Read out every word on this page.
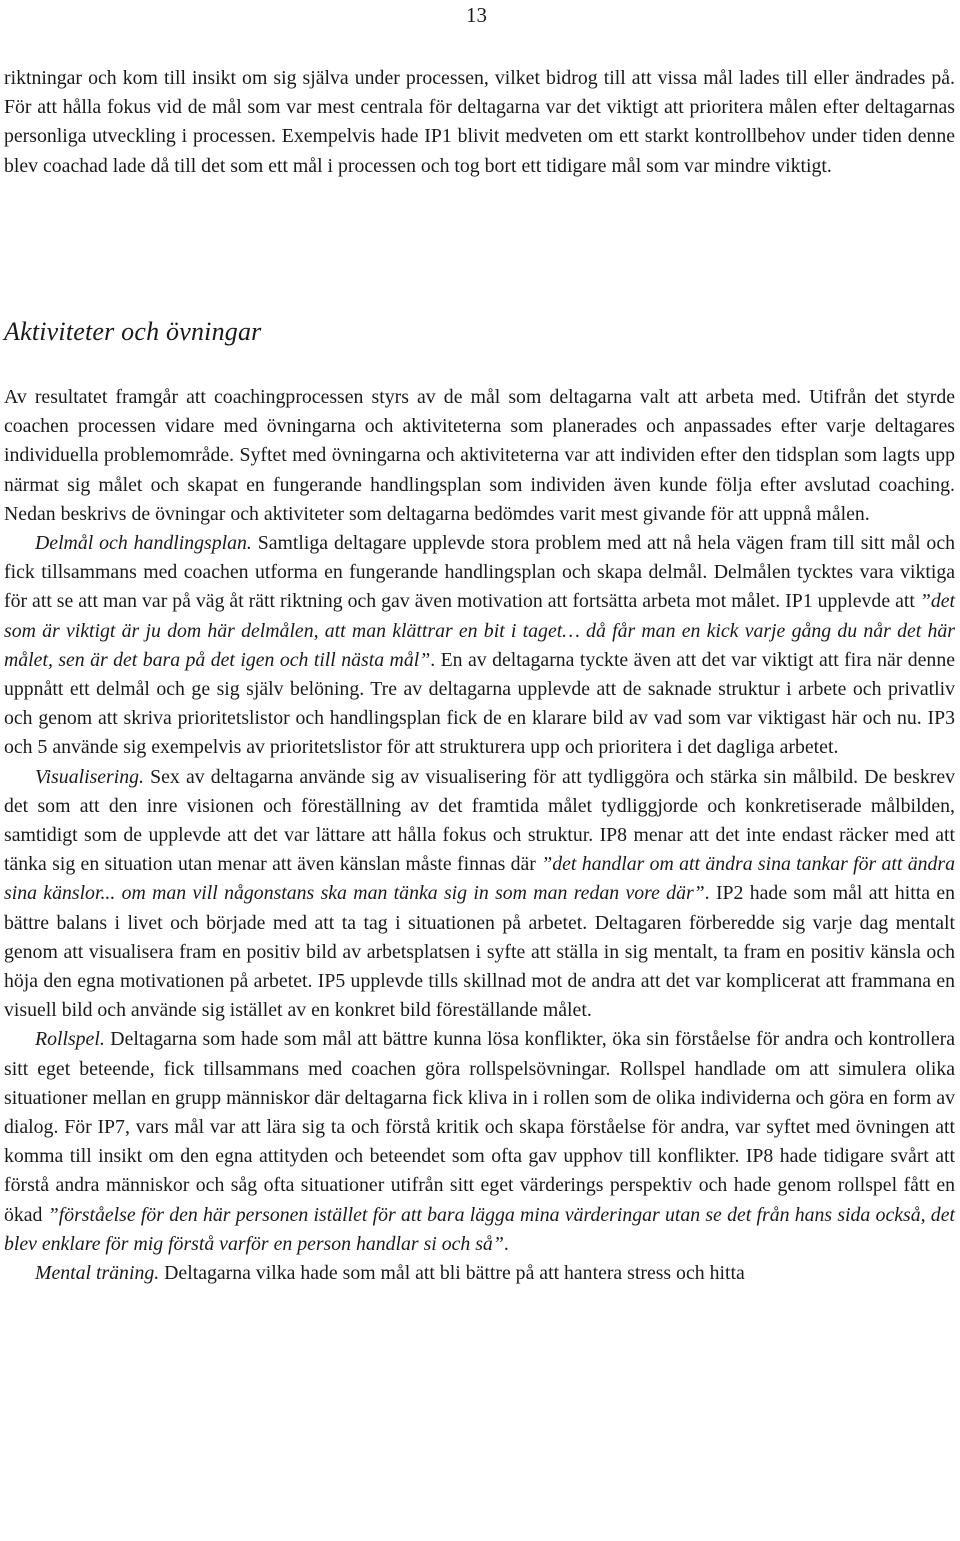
13

riktningar och kom till insikt om sig själva under processen, vilket bidrog till att vissa mål lades till eller ändrades på. För att hålla fokus vid de mål som var mest centrala för deltagarna var det viktigt att prioritera målen efter deltagarnas personliga utveckling i processen. Exempelvis hade IP1 blivit medveten om ett starkt kontrollbehov under tiden denne blev coachad lade då till det som ett mål i processen och tog bort ett tidigare mål som var mindre viktigt.

Aktiviteter och övningar

Av resultatet framgår att coachingprocessen styrs av de mål som deltagarna valt att arbeta med. Utifrån det styrde coachen processen vidare med övningarna och aktiviteterna som planerades och anpassades efter varje deltagares individuella problemområde. Syftet med övningarna och aktiviteterna var att individen efter den tidsplan som lagts upp närmat sig målet och skapat en fungerande handlingsplan som individen även kunde följa efter avslutad coaching. Nedan beskrivs de övningar och aktiviteter som deltagarna bedömdes varit mest givande för att uppnå målen.

Delmål och handlingsplan. Samtliga deltagare upplevde stora problem med att nå hela vägen fram till sitt mål och fick tillsammans med coachen utforma en fungerande handlingsplan och skapa delmål. Delmålen tycktes vara viktiga för att se att man var på väg åt rätt riktning och gav även motivation att fortsätta arbeta mot målet. IP1 upplevde att ”det som är viktigt är ju dom här delmålen, att man klättrar en bit i taget… då får man en kick varje gång du når det här målet, sen är det bara på det igen och till nästa mål”. En av deltagarna tyckte även att det var viktigt att fira när denne uppnått ett delmål och ge sig själv belöning. Tre av deltagarna upplevde att de saknade struktur i arbete och privatliv och genom att skriva prioritetslistor och handlingsplan fick de en klarare bild av vad som var viktigast här och nu. IP3 och 5 använde sig exempelvis av prioritetslistor för att strukturera upp och prioritera i det dagliga arbetet.

Visualisering. Sex av deltagarna använde sig av visualisering för att tydliggöra och stärka sin målbild. De beskrev det som att den inre visionen och föreställning av det framtida målet tydliggjorde och konkretiserade målbilden, samtidigt som de upplevde att det var lättare att hålla fokus och struktur. IP8 menar att det inte endast räcker med att tänka sig en situation utan menar att även känslan måste finnas där ”det handlar om att ändra sina tankar för att ändra sina känslor... om man vill någonstans ska man tänka sig in som man redan vore där”. IP2 hade som mål att hitta en bättre balans i livet och började med att ta tag i situationen på arbetet. Deltagaren förberedde sig varje dag mentalt genom att visualisera fram en positiv bild av arbetsplatsen i syfte att ställa in sig mentalt, ta fram en positiv känsla och höja den egna motivationen på arbetet. IP5 upplevde tills skillnad mot de andra att det var komplicerat att frammana en visuell bild och använde sig istället av en konkret bild föreställande målet.

Rollspel. Deltagarna som hade som mål att bättre kunna lösa konflikter, öka sin förståelse för andra och kontrollera sitt eget beteende, fick tillsammans med coachen göra rollspelsövningar. Rollspel handlade om att simulera olika situationer mellan en grupp människor där deltagarna fick kliva in i rollen som de olika individerna och göra en form av dialog. För IP7, vars mål var att lära sig ta och förstå kritik och skapa förståelse för andra, var syftet med övningen att komma till insikt om den egna attityden och beteendet som ofta gav upphov till konflikter. IP8 hade tidigare svårt att förstå andra människor och såg ofta situationer utifrån sitt eget värderings perspektiv och hade genom rollspel fått en ökad ”förståelse för den här personen istället för att bara lägga mina värderingar utan se det från hans sida också, det blev enklare för mig förstå varför en person handlar si och så”.

Mental träning. Deltagarna vilka hade som mål att bli bättre på att hantera stress och hitta
